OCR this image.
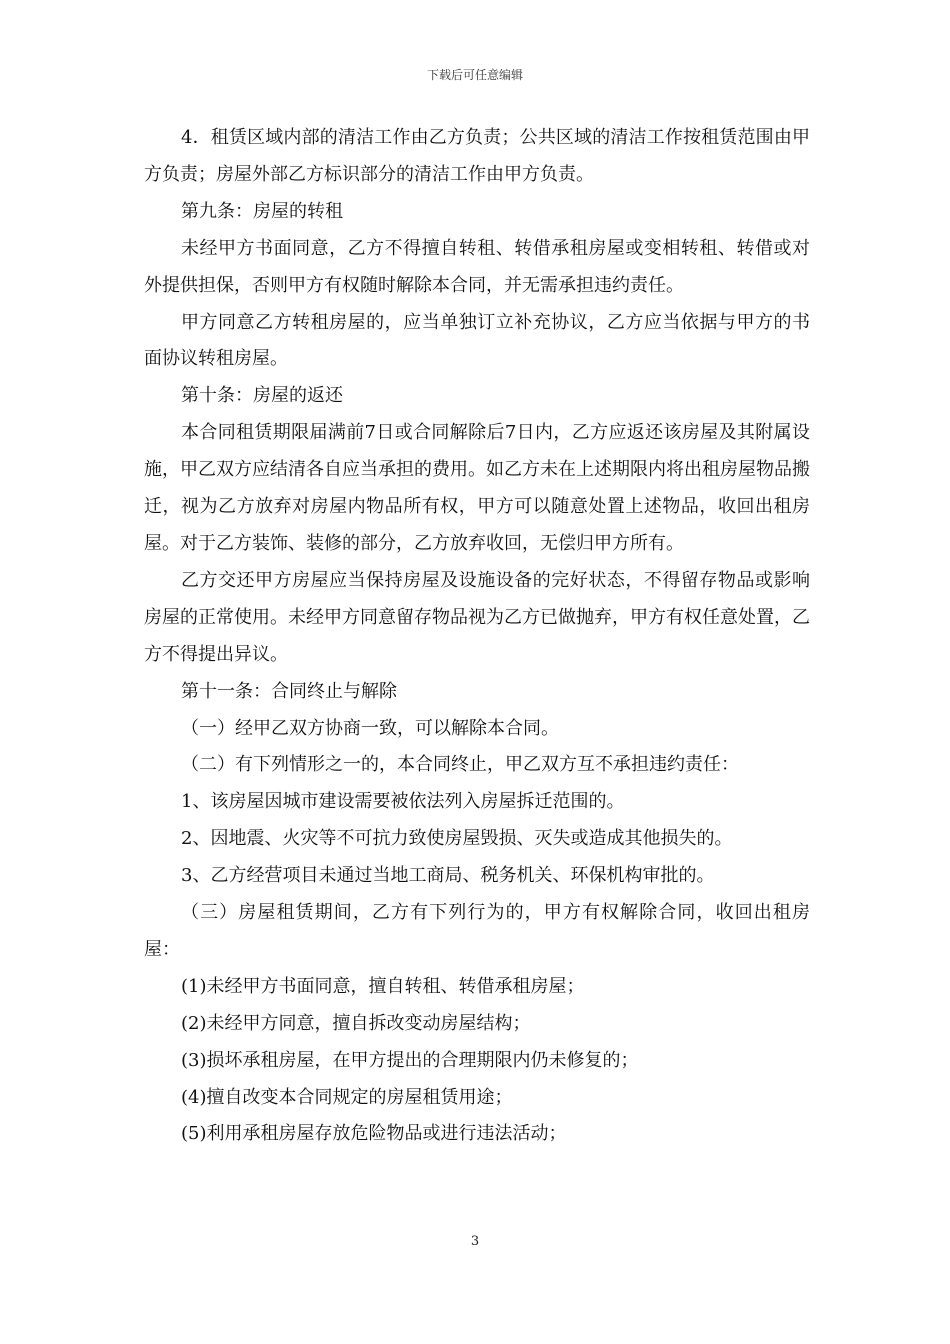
下载后可任意编辑

4．租赁区域内部的清洁工作由乙方负责；公共区域的清洁工作按租赁范围由甲方负责；房屋外部乙方标识部分的清洁工作由甲方负责。

第九条：房屋的转租

未经甲方书面同意，乙方不得擅自转租、转借承租房屋或变相转租、转借或对外提供担保，否则甲方有权随时解除本合同，并无需承担违约责任。

甲方同意乙方转租房屋的，应当单独订立补充协议，乙方应当依据与甲方的书面协议转租房屋。

第十条：房屋的返还

本合同租赁期限届满前7日或合同解除后7日内，乙方应返还该房屋及其附属设施，甲乙双方应结清各自应当承担的费用。如乙方未在上述期限内将出租房屋物品搬迁，视为乙方放弃对房屋内物品所有权，甲方可以随意处置上述物品，收回出租房屋。对于乙方装饰、装修的部分，乙方放弃收回，无偿归甲方所有。

乙方交还甲方房屋应当保持房屋及设施设备的完好状态，不得留存物品或影响房屋的正常使用。未经甲方同意留存物品视为乙方已做抛弃，甲方有权任意处置，乙方不得提出异议。

第十一条：合同终止与解除

（一）经甲乙双方协商一致，可以解除本合同。

（二）有下列情形之一的，本合同终止，甲乙双方互不承担违约责任：

1、该房屋因城市建设需要被依法列入房屋拆迁范围的。

2、因地震、火灾等不可抗力致使房屋毁损、灭失或造成其他损失的。

3、乙方经营项目未通过当地工商局、税务机关、环保机构审批的。

（三）房屋租赁期间，乙方有下列行为的，甲方有权解除合同，收回出租房屋：

(1)未经甲方书面同意，擅自转租、转借承租房屋；

(2)未经甲方同意，擅自拆改变动房屋结构；

(3)损坏承租房屋，在甲方提出的合理期限内仍未修复的；

(4)擅自改变本合同规定的房屋租赁用途；

(5)利用承租房屋存放危险物品或进行违法活动；

3
